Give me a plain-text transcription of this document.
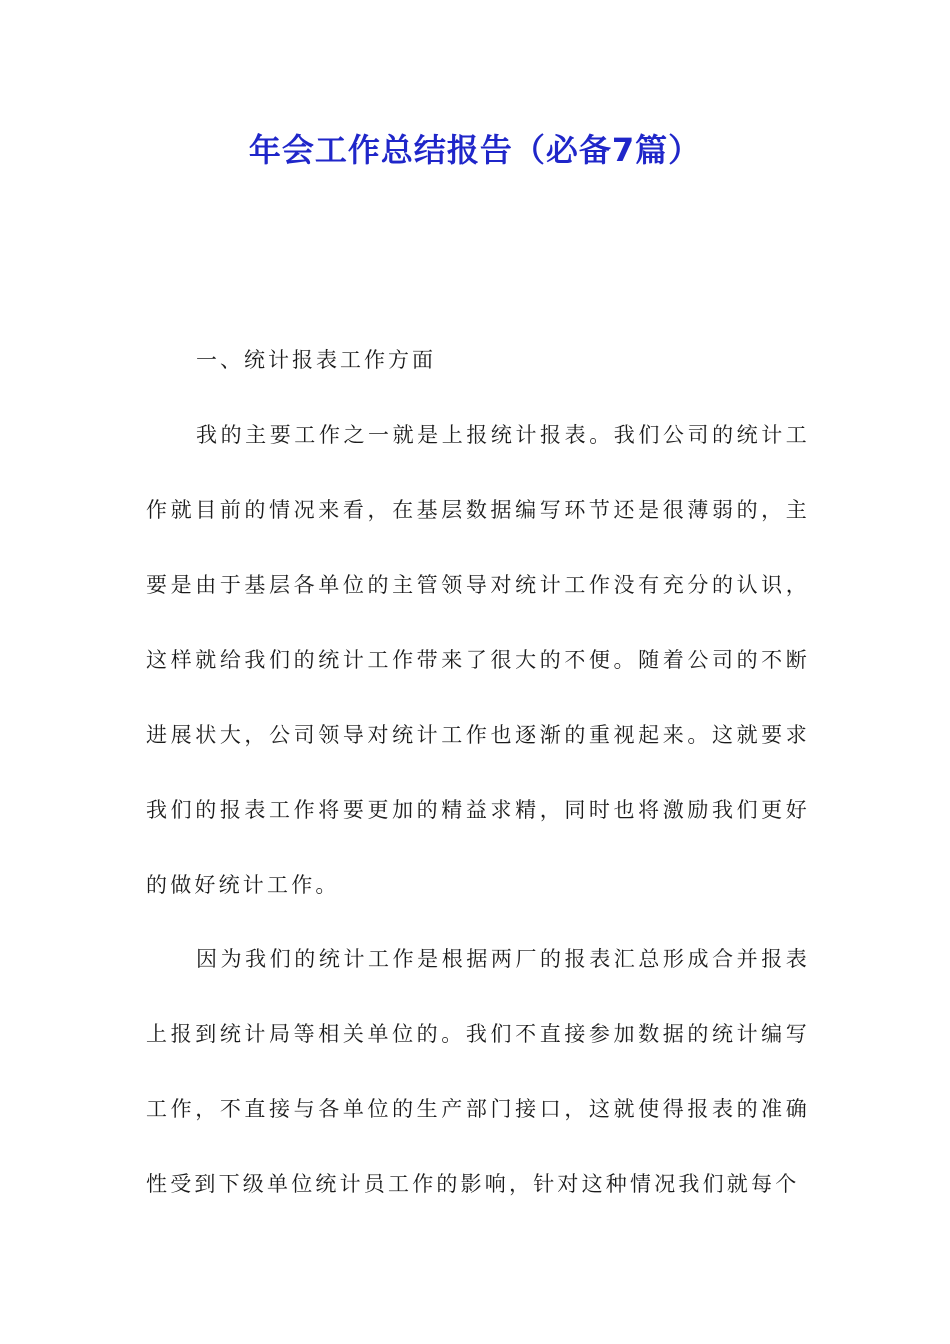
年会工作总结报告（必备7篇）

一、统计报表工作方面

我的主要工作之一就是上报统计报表。我们公司的统计工作就目前的情况来看，在基层数据编写环节还是很薄弱的，主要是由于基层各单位的主管领导对统计工作没有充分的认识，这样就给我们的统计工作带来了很大的不便。随着公司的不断进展状大，公司领导对统计工作也逐渐的重视起来。这就要求我们的报表工作将要更加的精益求精，同时也将激励我们更好的做好统计工作。

因为我们的统计工作是根据两厂的报表汇总形成合并报表上报到统计局等相关单位的。我们不直接参加数据的统计编写工作，不直接与各单位的生产部门接口，这就使得报表的准确性受到下级单位统计员工作的影响，针对这种情况我们就每个
